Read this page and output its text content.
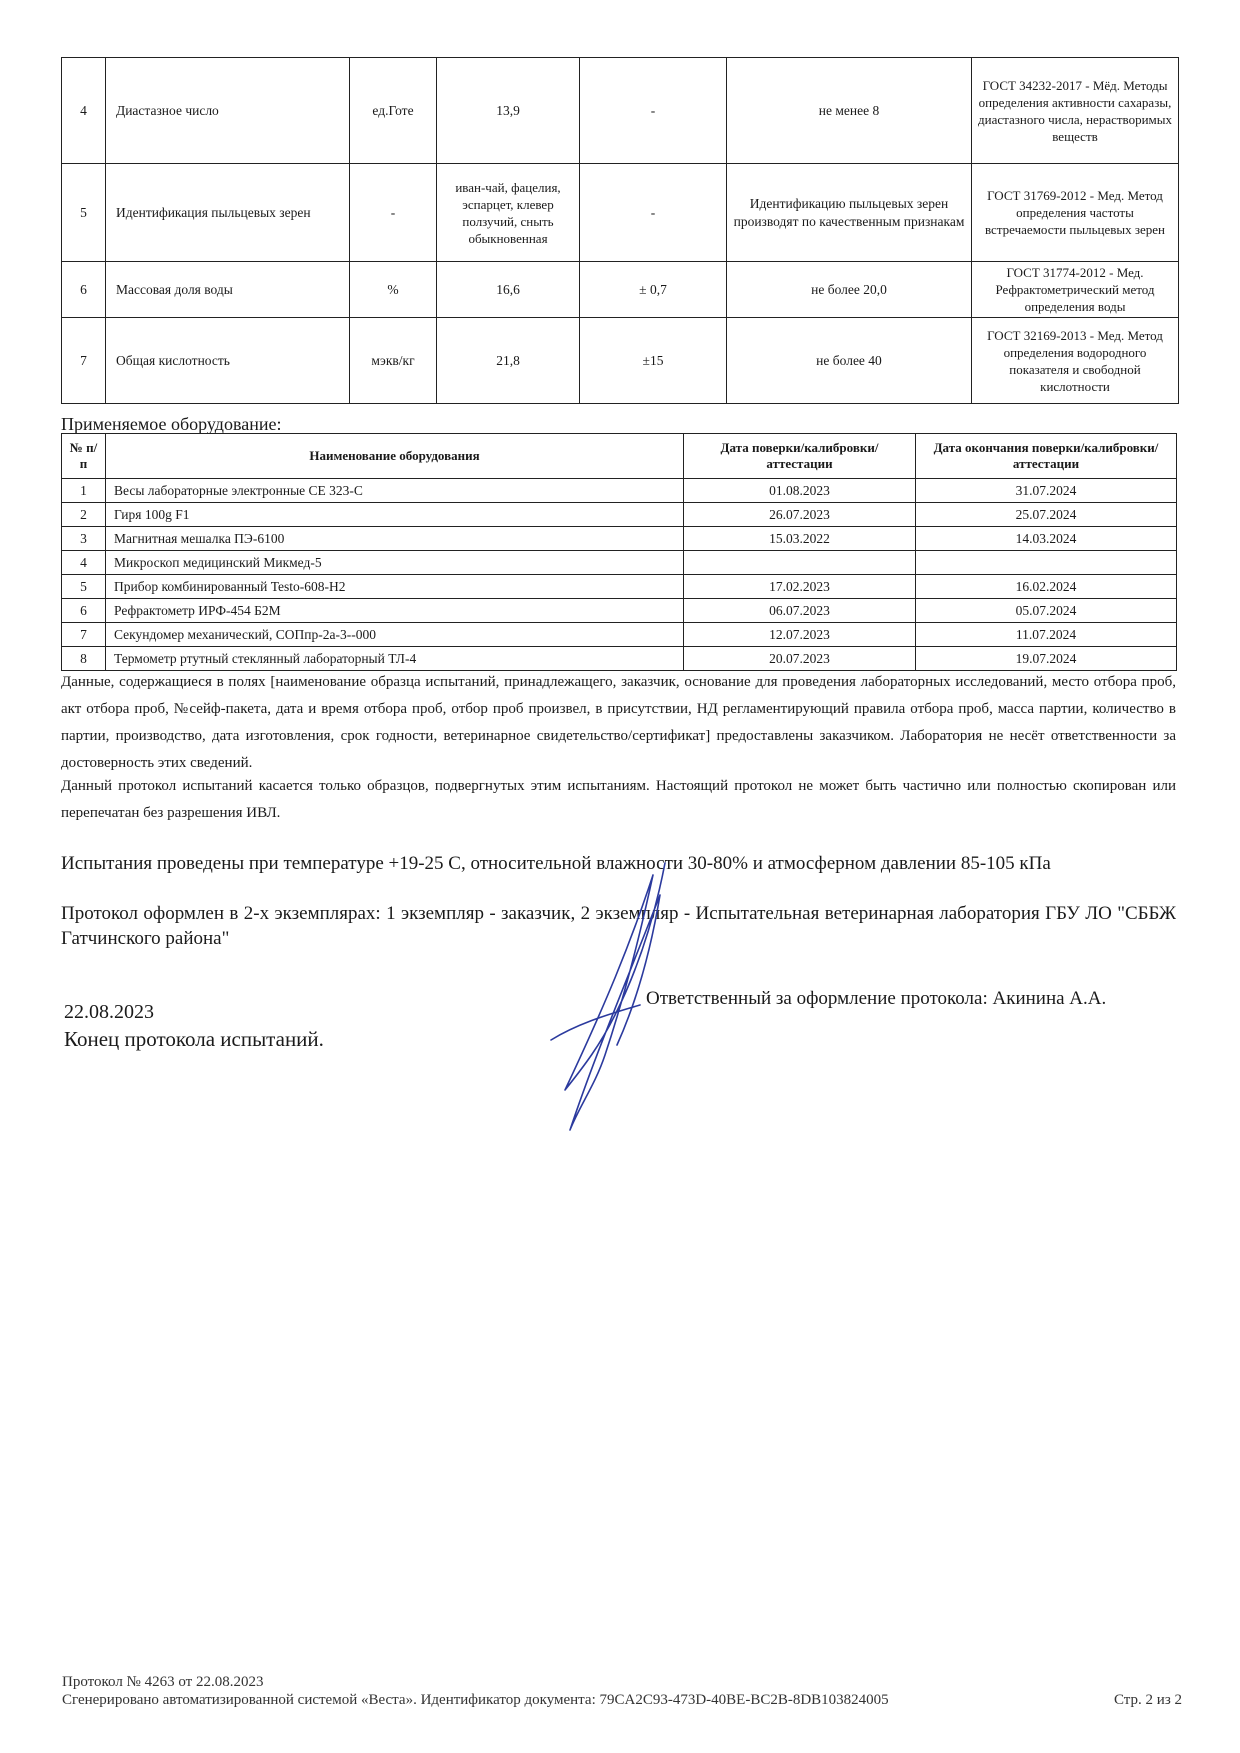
4	Диастазное число	ед.Готе	13,9	-	не менее 8	ГОСТ 34232-2017 - Мёд. Методы определения активности сахаразы, диастазного числа, нерастворимых веществ
5	Идентификация пыльцевых зерен	-	иван-чай, фацелия, эспарцет, клевер ползучий, сныть обыкновенная	-	Идентификацию пыльцевых зерен производят по качественным признакам	ГОСТ 31769-2012 - Мед. Метод определения частоты встречаемости пыльцевых зерен
6	Массовая доля воды	%	16,6	± 0,7	не более 20,0	ГОСТ 31774-2012 - Мед. Рефрактометрический метод определения воды
7	Общая кислотность	мэкв/кг	21,8	±15	не более 40	ГОСТ 32169-2013 - Мед. Метод определения водородного показателя и свободной кислотности
Применяемое оборудование:
№ п/п	Наименование оборудования	Дата поверки/калибровки/аттестации	Дата окончания поверки/калибровки/аттестации
1	Весы лабораторные электронные CE 323-C	01.08.2023	31.07.2024
2	Гиря 100g F1	26.07.2023	25.07.2024
3	Магнитная мешалка ПЭ-6100	15.03.2022	14.03.2024
4	Микроскоп медицинский Микмед-5		
5	Прибор комбинированный Testo-608-H2	17.02.2023	16.02.2024
6	Рефрактометр ИРФ-454 Б2М	06.07.2023	05.07.2024
7	Секундомер механический, СОПпр-2а-3--000	12.07.2023	11.07.2024
8	Термометр ртутный стеклянный лабораторный ТЛ-4	20.07.2023	19.07.2024
Данные, содержащиеся в полях [наименование образца испытаний, принадлежащего, заказчик, основание для проведения лабораторных исследований, место отбора проб, акт отбора проб, №сейф-пакета, дата и время отбора проб, отбор проб произвел, в присутствии, НД регламентирующий правила отбора проб, масса партии, количество в партии, производство, дата изготовления, срок годности, ветеринарное свидетельство/сертификат] предоставлены заказчиком. Лаборатория не несёт ответственности за достоверность этих сведений.
Данный протокол испытаний касается только образцов, подвергнутых этим испытаниям. Настоящий протокол не может быть частично или полностью скопирован или перепечатан без разрешения ИВЛ.
Испытания проведены при температуре +19-25 С, относительной влажности 30-80% и атмосферном давлении 85-105 кПа
Протокол оформлен в 2-х экземплярах: 1 экземпляр - заказчик, 2 экземпляр - Испытательная ветеринарная лаборатория ГБУ ЛО "СББЖ Гатчинского района"
22.08.2023
Конец протокола испытаний.
Ответственный за оформление протокола: Акинина А.А.
Протокол № 4263 от 22.08.2023
Сгенерировано автоматизированной системой «Веста». Идентификатор документа: 79CA2C93-473D-40BE-BC2B-8DB103824005	Стр. 2 из 2
